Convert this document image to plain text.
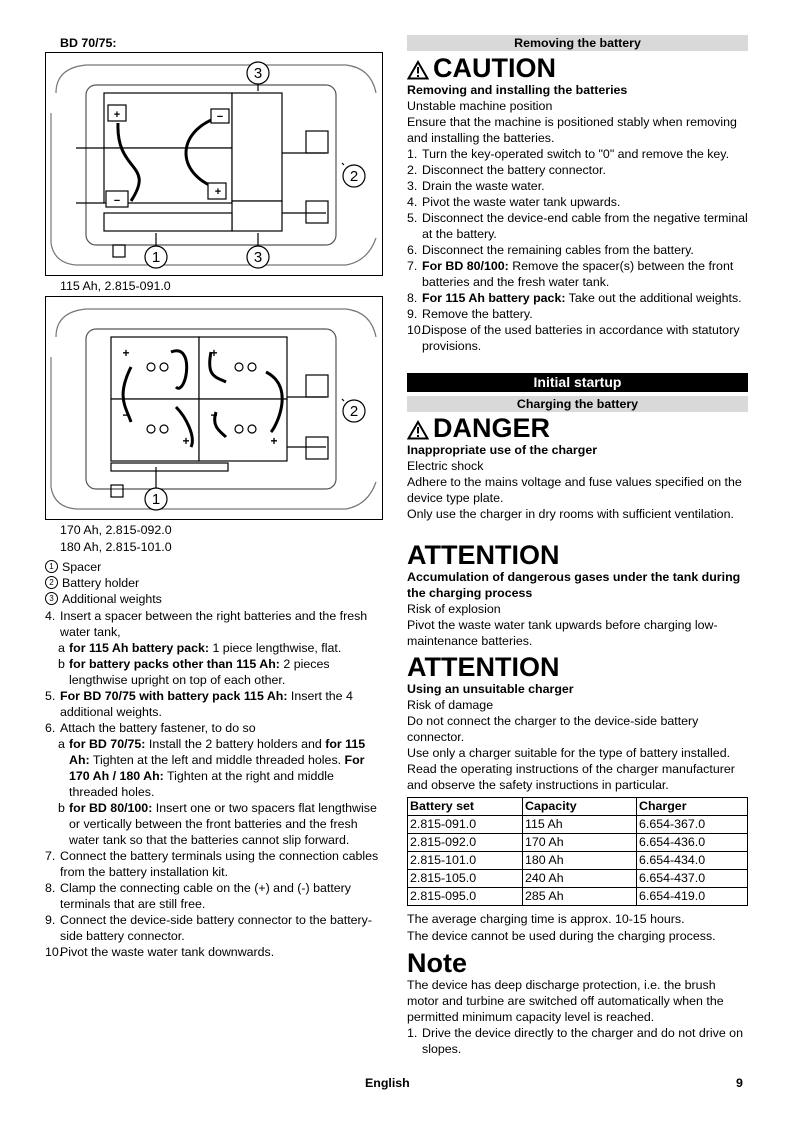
BD 70/75:
+
−
+
−
3
2
1	3
115 Ah, 2.815-091.0
+	+
−	−
+	+
2
1
170 Ah, 2.815-092.0
180 Ah, 2.815-101.0
1 Spacer
2 Battery holder
3 Additional weights
4. Insert a spacer between the right batteries and the fresh water tank,
a for 115 Ah battery pack: 1 piece lengthwise, flat.
b for battery packs other than 115 Ah: 2 pieces lengthwise upright on top of each other.
5. For BD 70/75 with battery pack 115 Ah: Insert the 4 additional weights.
6. Attach the battery fastener, to do so
a for BD 70/75: Install the 2 battery holders and for 115 Ah: Tighten at the left and middle threaded holes. For 170 Ah / 180 Ah: Tighten at the right and middle threaded holes.
b for BD 80/100: Insert one or two spacers flat lengthwise or vertically between the front batteries and the fresh water tank so that the batteries cannot slip forward.
7. Connect the battery terminals using the connection cables from the battery installation kit.
8. Clamp the connecting cable on the (+) and (-) battery terminals that are still free.
9. Connect the device-side battery connector to the battery-side battery connector.
10.
Pivot the waste water tank downwards.
Removing the battery
CAUTION
Removing and installing the batteries
Unstable machine position
Ensure that the machine is positioned stably when removing and installing the batteries.
1. Turn the key-operated switch to "0" and remove the key.
2. Disconnect the battery connector.
3. Drain the waste water.
4. Pivot the waste water tank upwards.
5. Disconnect the device-end cable from the negative terminal at the battery.
6. Disconnect the remaining cables from the battery.
7. For BD 80/100: Remove the spacer(s) between the front batteries and the fresh water tank.
8. For 115 Ah battery pack: Take out the additional weights.
9. Remove the battery.
10.
Dispose of the used batteries in accordance with statutory provisions.
Initial startup
Charging the battery
DANGER
Inappropriate use of the charger
Electric shock
Adhere to the mains voltage and fuse values specified on the device type plate.
Only use the charger in dry rooms with sufficient ventilation.
ATTENTION
Accumulation of dangerous gases under the tank during the charging process
Risk of explosion
Pivot the waste water tank upwards before charging low-maintenance batteries.
ATTENTION
Using an unsuitable charger
Risk of damage
Do not connect the charger to the device-side battery connector.
Use only a charger suitable for the type of battery installed. Read the operating instructions of the charger manufacturer and observe the safety instructions in particular.
Battery set	Capacity	Charger
2.815-091.0	115 Ah	6.654-367.0
2.815-092.0	170 Ah	6.654-436.0
2.815-101.0	180 Ah	6.654-434.0
2.815-105.0	240 Ah	6.654-437.0
2.815-095.0	285 Ah	6.654-419.0
The average charging time is approx. 10-15 hours.
The device cannot be used during the charging process.
Note
The device has deep discharge protection, i.e. the brush motor and turbine are switched off automatically when the permitted minimum capacity level is reached.
1. Drive the device directly to the charger and do not drive on slopes.
English	9
